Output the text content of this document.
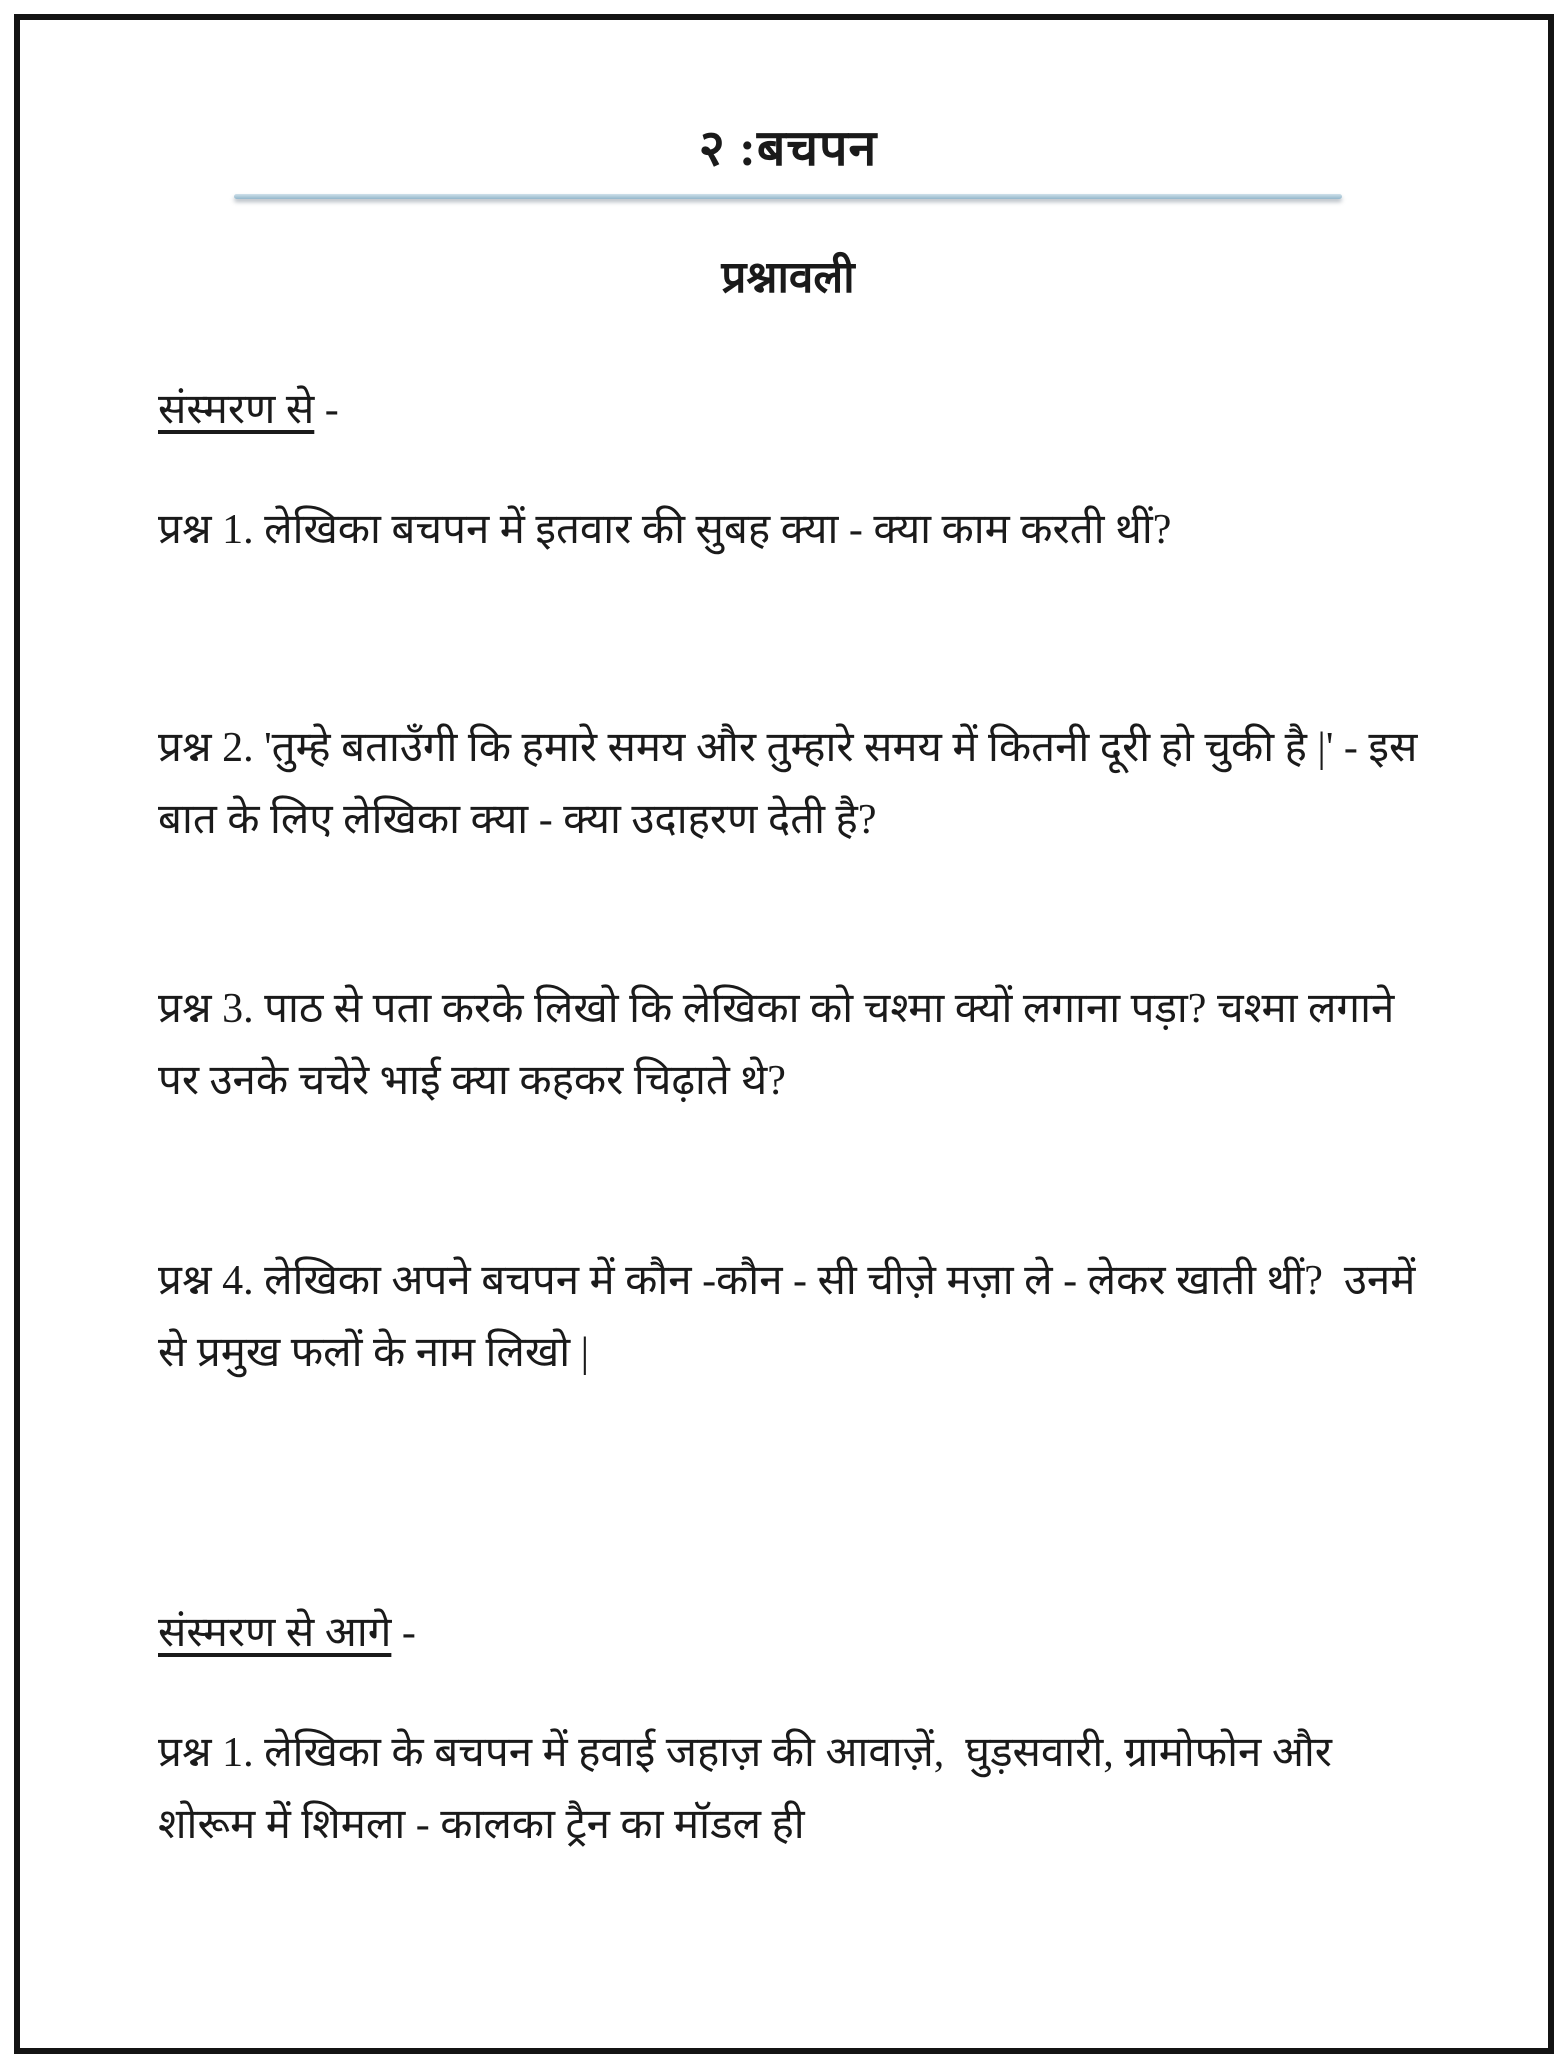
२ :बचपन
प्रश्नावली
संस्मरण से -

प्रश्न 1. लेखिका बचपन में इतवार की सुबह क्या - क्या काम करती थीं?

प्रश्न 2. 'तुम्हे बताउँगी कि हमारे समय और तुम्हारे समय में कितनी दूरी हो चुकी है |' - इस बात के लिए लेखिका क्या - क्या उदाहरण देती है?

प्रश्न 3. पाठ से पता करके लिखो कि लेखिका को चश्मा क्यों लगाना पड़ा? चश्मा लगाने पर उनके चचेरे भाई क्या कहकर चिढ़ाते थे?

प्रश्न 4. लेखिका अपने बचपन में कौन -कौन - सी चीज़े मज़ा ले - लेकर खाती थीं?  उनमें से प्रमुख फलों के नाम लिखो |

संस्मरण से आगे -

प्रश्न 1. लेखिका के बचपन में हवाई जहाज़ की आवाज़ें,  घुड़सवारी, ग्रामोफोन और शोरूम में शिमला - कालका ट्रैन का मॉडल ही
